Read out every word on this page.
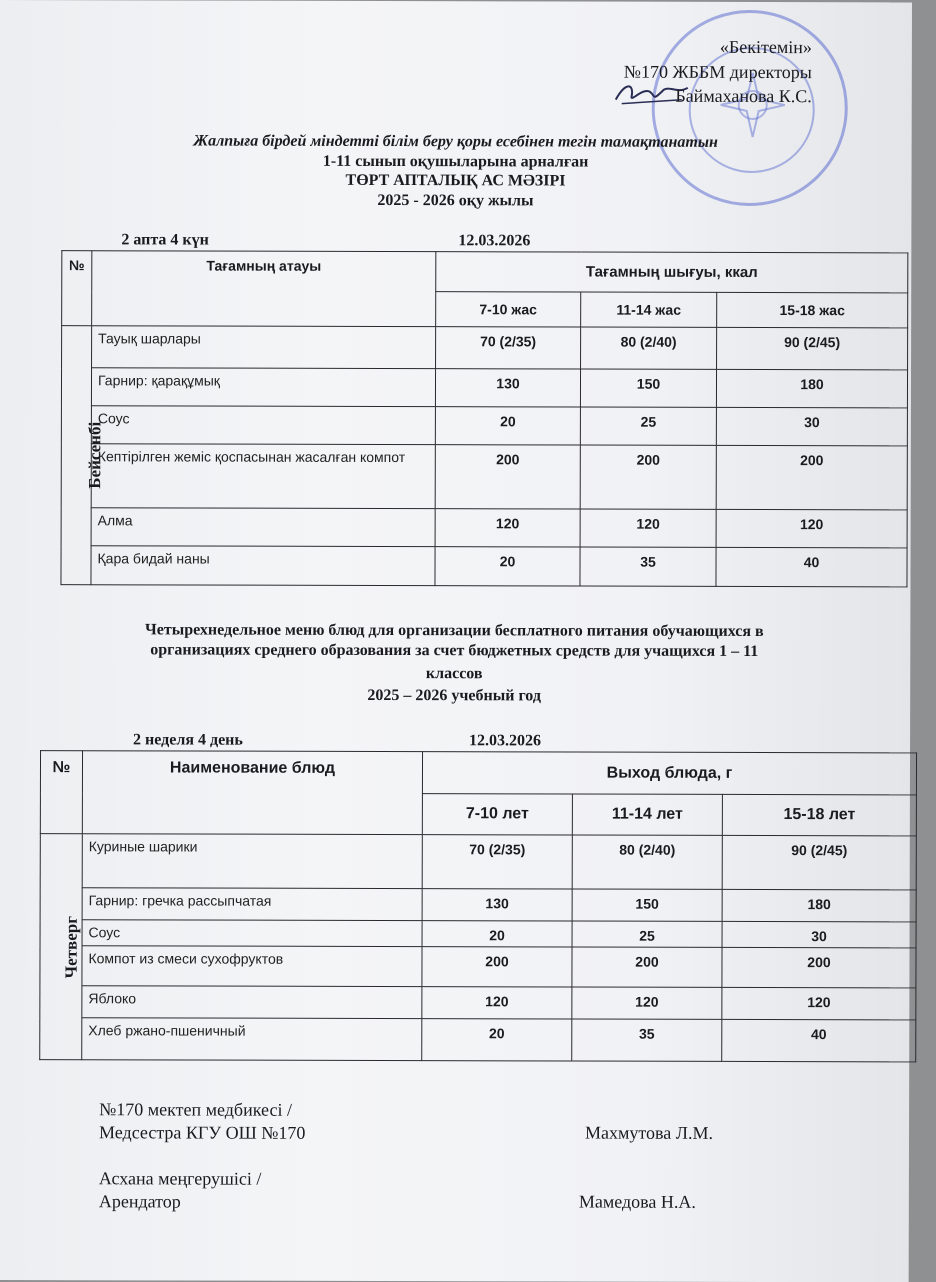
«Бекітемін»
№170 ЖББМ директоры
Баймаханова К.С.
Жалпыға бірдей міндетті білім беру қоры есебінен тегін тамақтанатын
1-11 сынып оқушыларына арналған
ТӨРТ АПТАЛЫҚ АС МӘЗІРІ
2025 - 2026 оқу жылы
2 апта 4 күн	12.03.2026
№	Тағамның атауы	Тағамның шығуы, ккал		
		7-10 жас	11-14 жас	15-18 жас
Бейсенбі	Тауық шарлары	70 (2/35)	80 (2/40)	90 (2/45)
	Гарнир: қарақұмық	130	150	180
	Соус	20	25	30
	Кептірілген жеміс қоспасынан жасалған компот	200	200	200
	Алма	120	120	120
	Қара бидай наны	20	35	40
Четырехнедельное меню блюд для организации бесплатного питания обучающихся в
организациях среднего образования за счет бюджетных средств для учащихся 1 – 11
классов
2025 – 2026 учебный год
2 неделя 4 день	12.03.2026
№	Наименование блюд	Выход блюда, г		
		7-10 лет	11-14 лет	15-18 лет
Четверг	Куриные шарики	70 (2/35)	80 (2/40)	90 (2/45)
	Гарнир: гречка рассыпчатая	130	150	180
	Соус	20	25	30
	Компот из смеси сухофруктов	200	200	200
	Яблоко	120	120	120
	Хлеб ржано-пшеничный	20	35	40
№170 мектеп медбикесі /
Медсестра КГУ ОШ №170	Махмутова Л.М.
Асхана меңгерушісі /
Арендатор	Мамедова Н.А.
